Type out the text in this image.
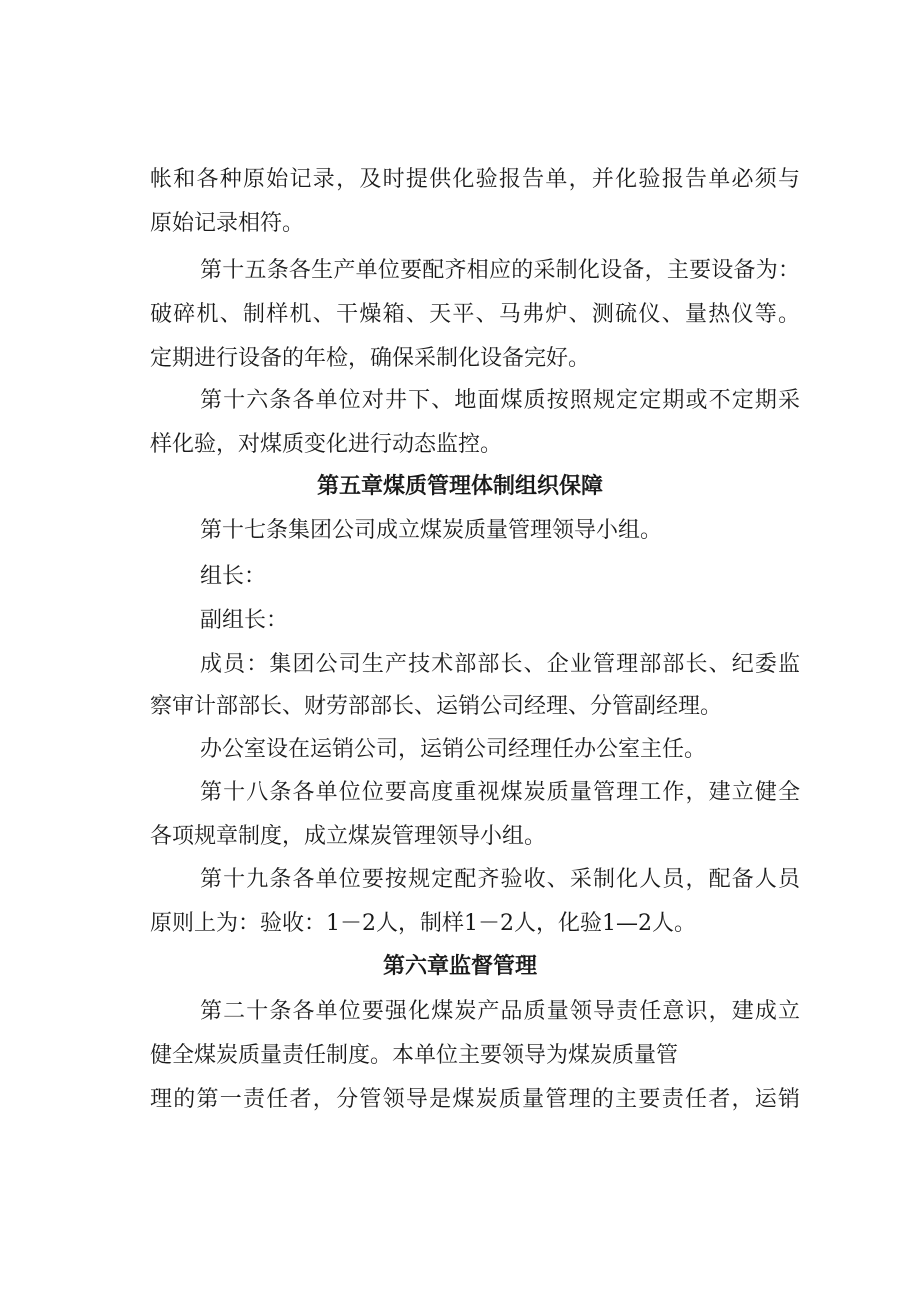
帐和各种原始记录，及时提供化验报告单，并化验报告单必须与
原始记录相符。
第十五条各生产单位要配齐相应的采制化设备，主要设备为：
破碎机、制样机、干燥箱、天平、马弗炉、测硫仪、量热仪等。
定期进行设备的年检，确保采制化设备完好。
第十六条各单位对井下、地面煤质按照规定定期或不定期采
样化验，对煤质变化进行动态监控。
第五章煤质管理体制组织保障
第十七条集团公司成立煤炭质量管理领导小组。
组长：
副组长：
成员：集团公司生产技术部部长、企业管理部部长、纪委监
察审计部部长、财劳部部长、运销公司经理、分管副经理。
办公室设在运销公司，运销公司经理任办公室主任。
第十八条各单位位要高度重视煤炭质量管理工作，建立健全
各项规章制度，成立煤炭管理领导小组。
第十九条各单位要按规定配齐验收、采制化人员，配备人员
原则上为：验收：1－2人，制样1－2人，化验1—2人。
第六章监督管理
第二十条各单位要强化煤炭产品质量领导责任意识，建成立
健全煤炭质量责任制度。本单位主要领导为煤炭质量管
理的第一责任者，分管领导是煤炭质量管理的主要责任者，运销
